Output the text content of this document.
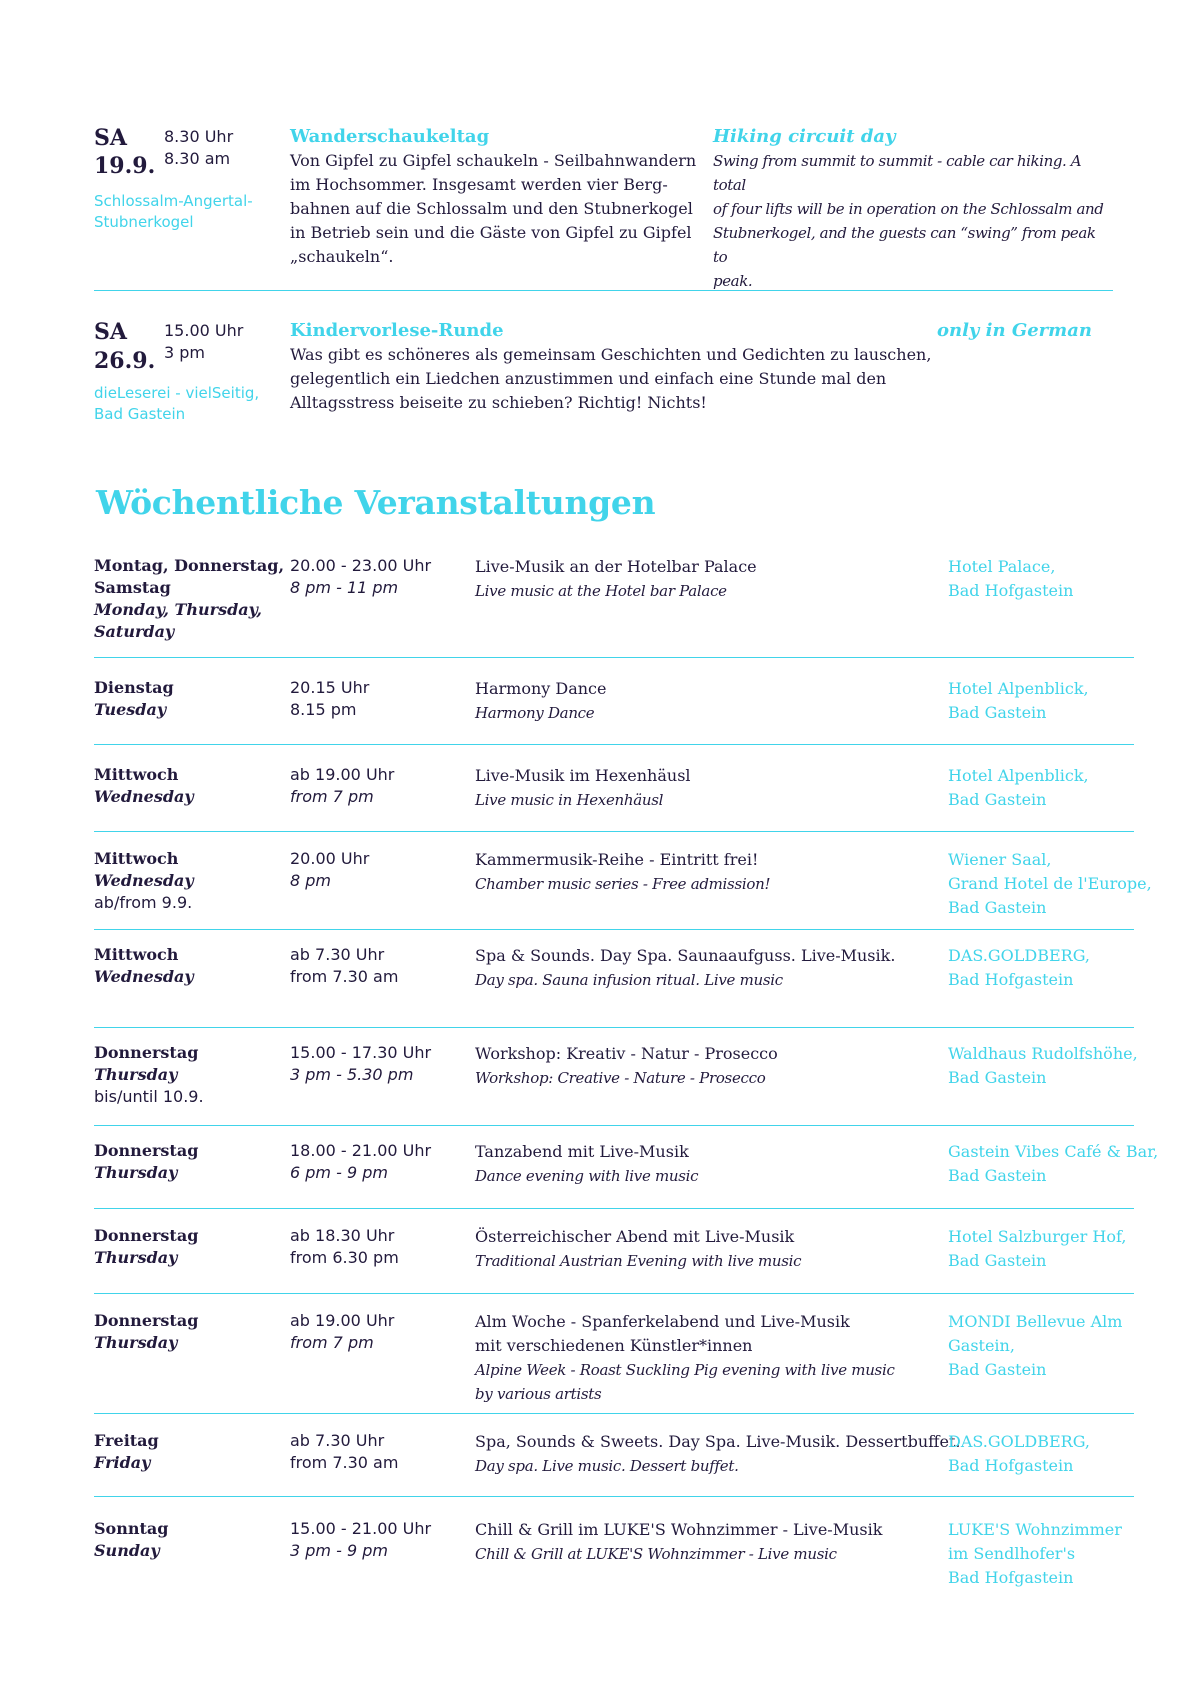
SA
19.9.
8.30 Uhr
8.30 am
Schlossalm-Angertal-
Stubnerkogel
Wanderschaukeltag
Von Gipfel zu Gipfel schaukeln - Seilbahnwandern
im Hochsommer. Insgesamt werden vier Berg-
bahnen auf die Schlossalm und den Stubnerkogel
in Betrieb sein und die Gäste von Gipfel zu Gipfel
„schaukeln“.
Hiking circuit day
Swing from summit to summit - cable car hiking. A total
of four lifts will be in operation on the Schlossalm and
Stubnerkogel, and the guests can “swing” from peak to
peak.
SA
26.9.
15.00 Uhr
3 pm
dieLeserei - vielSeitig,
Bad Gastein
Kindervorlese-Runde
Was gibt es schöneres als gemeinsam Geschichten und Gedichten zu lauschen,
gelegentlich ein Liedchen anzustimmen und einfach eine Stunde mal den
Alltagsstress beiseite zu schieben? Richtig! Nichts!
only in German
Wöchentliche Veranstaltungen
Montag, Donnerstag,
Samstag
Monday, Thursday,
Saturday
20.00 - 23.00 Uhr
8 pm - 11 pm
Live-Musik an der Hotelbar Palace
Live music at the Hotel bar Palace
Hotel Palace,
Bad Hofgastein
Dienstag
Tuesday
20.15 Uhr
8.15 pm
Harmony Dance
Harmony Dance
Hotel Alpenblick,
Bad Gastein
Mittwoch
Wednesday
ab 19.00 Uhr
from 7 pm
Live-Musik im Hexenhäusl
Live music in Hexenhäusl
Hotel Alpenblick,
Bad Gastein
Mittwoch
Wednesday
ab/from 9.9.
20.00 Uhr
8 pm
Kammermusik-Reihe - Eintritt frei!
Chamber music series - Free admission!
Wiener Saal,
Grand Hotel de l'Europe,
Bad Gastein
Mittwoch
Wednesday
ab 7.30 Uhr
from 7.30 am
Spa & Sounds. Day Spa. Saunaaufguss. Live-Musik.
Day spa. Sauna infusion ritual. Live music
DAS.GOLDBERG,
Bad Hofgastein
Donnerstag
Thursday
bis/until 10.9.
15.00 - 17.30 Uhr
3 pm - 5.30 pm
Workshop: Kreativ - Natur - Prosecco
Workshop: Creative - Nature - Prosecco
Waldhaus Rudolfshöhe,
Bad Gastein
Donnerstag
Thursday
18.00 - 21.00 Uhr
6 pm - 9 pm
Tanzabend mit Live-Musik
Dance evening with live music
Gastein Vibes Café & Bar,
Bad Gastein
Donnerstag
Thursday
ab 18.30 Uhr
from 6.30 pm
Österreichischer Abend mit Live-Musik
Traditional Austrian Evening with live music
Hotel Salzburger Hof,
Bad Gastein
Donnerstag
Thursday
ab 19.00 Uhr
from 7 pm
Alm Woche - Spanferkelabend und Live-Musik
mit verschiedenen Künstler*innen
Alpine Week - Roast Suckling Pig evening with live music
by various artists
MONDI Bellevue Alm
Gastein,
Bad Gastein
Freitag
Friday
ab 7.30 Uhr
from 7.30 am
Spa, Sounds & Sweets. Day Spa. Live-Musik. Dessertbuffet.
Day spa. Live music. Dessert buffet.
DAS.GOLDBERG,
Bad Hofgastein
Sonntag
Sunday
15.00 - 21.00 Uhr
3 pm - 9 pm
Chill & Grill im LUKE'S Wohnzimmer - Live-Musik
Chill & Grill at LUKE'S Wohnzimmer - Live music
LUKE'S Wohnzimmer
im Sendlhofer's
Bad Hofgastein
